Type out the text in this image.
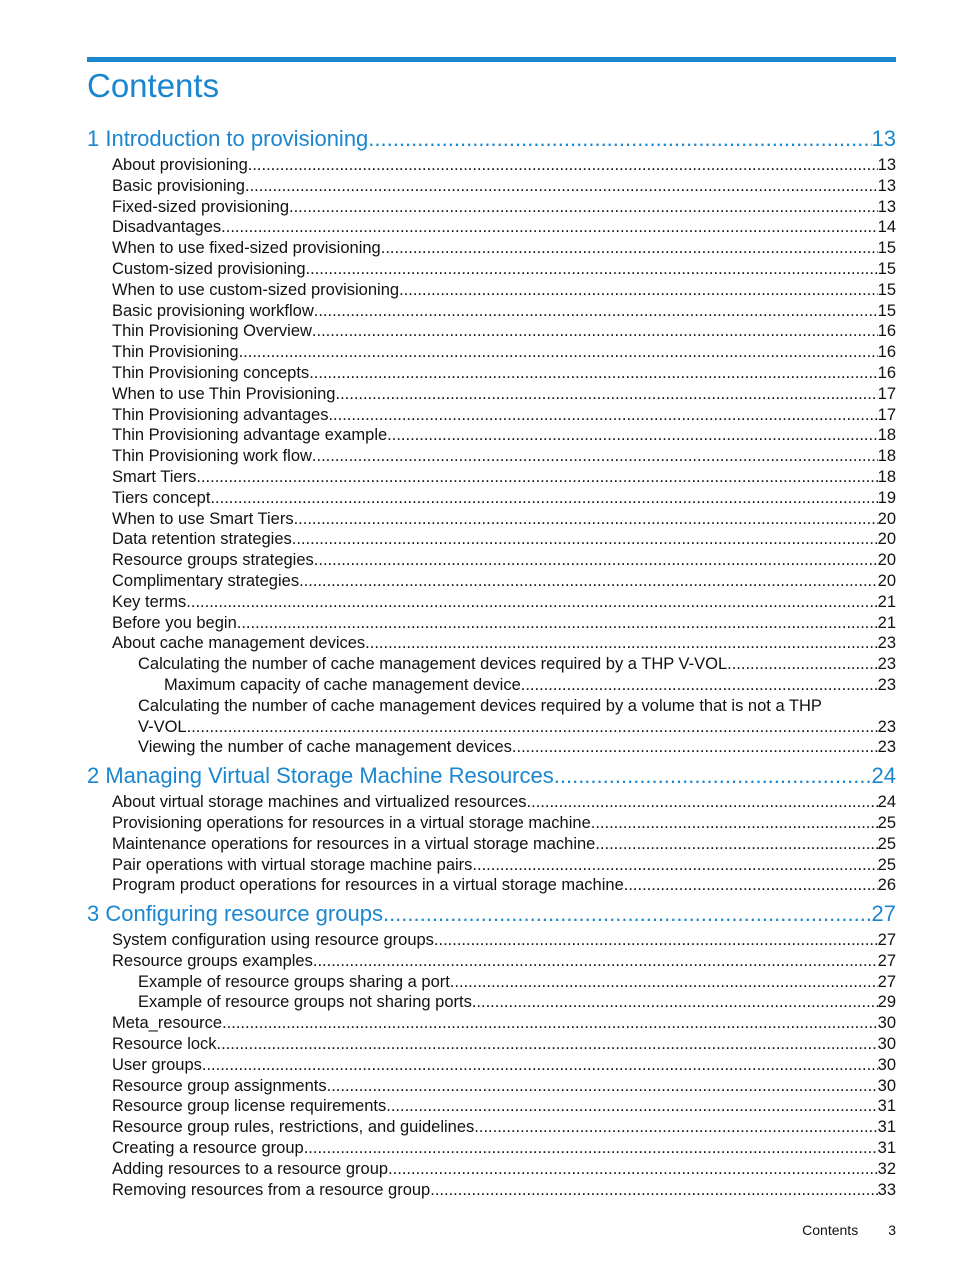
Contents
1 Introduction to provisioning .....	13
About provisioning .....	13
Basic provisioning .....	13
Fixed-sized provisioning .....	13
Disadvantages .....	14
When to use fixed-sized provisioning .....	15
Custom-sized provisioning .....	15
When to use custom-sized provisioning .....	15
Basic provisioning workflow .....	15
Thin Provisioning Overview .....	16
Thin Provisioning .....	16
Thin Provisioning concepts .....	16
When to use Thin Provisioning .....	17
Thin Provisioning advantages .....	17
Thin Provisioning advantage example .....	18
Thin Provisioning work flow .....	18
Smart Tiers .....	18
Tiers concept .....	19
When to use Smart Tiers .....	20
Data retention strategies .....	20
Resource groups strategies .....	20
Complimentary strategies .....	20
Key terms .....	21
Before you begin .....	21
About cache management devices .....	23
Calculating the number of cache management devices required by a THP V-VOL .....	23
Maximum capacity of cache management device .....	23
Calculating the number of cache management devices required by a volume that is not a THP
V-VOL .....	23
Viewing the number of cache management devices .....	23
2 Managing Virtual Storage Machine Resources .....	24
About virtual storage machines and virtualized resources .....	24
Provisioning operations for resources in a virtual storage machine .....	25
Maintenance operations for resources in a virtual storage machine .....	25
Pair operations with virtual storage machine pairs .....	25
Program product operations for resources in a virtual storage machine .....	26
3 Configuring resource groups .....	27
System configuration using resource groups .....	27
Resource groups examples .....	27
Example of resource groups sharing a port .....	27
Example of resource groups not sharing ports .....	29
Meta_resource .....	30
Resource lock .....	30
User groups .....	30
Resource group assignments .....	30
Resource group license requirements .....	31
Resource group rules, restrictions, and guidelines .....	31
Creating a resource group .....	31
Adding resources to a resource group .....	32
Removing resources from a resource group .....	33
Contents 3
